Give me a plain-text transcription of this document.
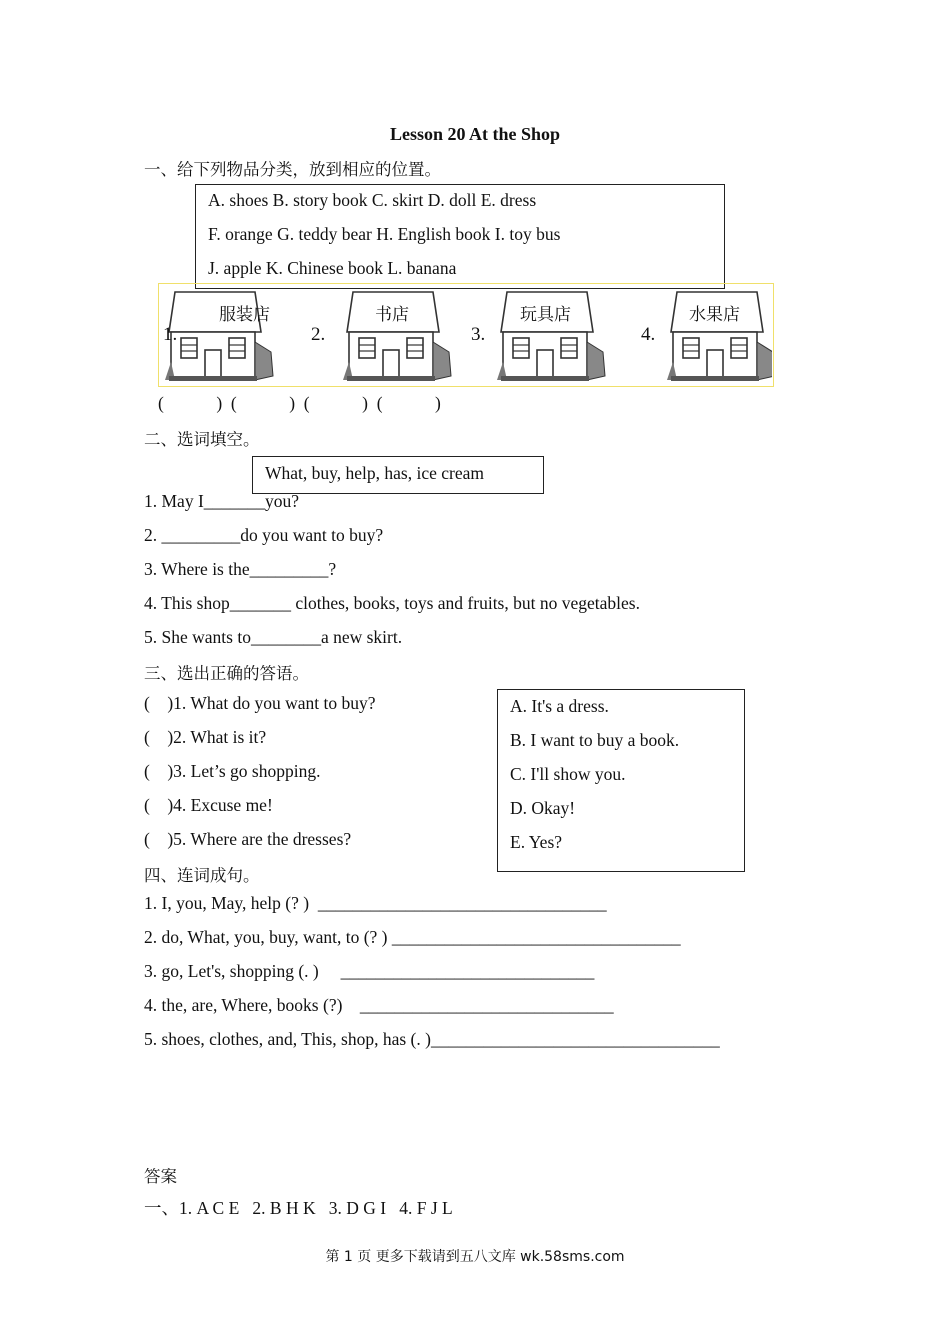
Lesson 20 At the Shop
一、给下列物品分类，放到相应的位置。
A. shoes B. story book C. skirt D. doll E. dress
F. orange G. teddy bear H. English book I. toy bus
J. apple K. Chinese book L. banana
1.
服装店
2.
书店
3.
玩具店
4.
水果店
(            )  (            )  (            )  (            )
二、选词填空。
What, buy, help, has, ice cream
1. May I_______you?
2. _________do you want to buy?
3. Where is the_________?
4. This shop_______ clothes, books, toys and fruits, but no vegetables.
5. She wants to________a new skirt.
三、选出正确的答语。
(    )1. What do you want to buy?
(    )2. What is it?
(    )3. Let’s go shopping.
(    )4. Excuse me!
(    )5. Where are the dresses?
A. It's a dress.
B. I want to buy a book.
C. I'll show you.
D. Okay!
E. Yes?
四、连词成句。
1. I, you, May, help (? )  _________________________________
2. do, What, you, buy, want, to (? ) _________________________________
3. go, Let's, shopping (. )     _____________________________
4. the, are, Where, books (?)    _____________________________
5. shoes, clothes, and, This, shop, has (. )_________________________________
答案
一、1. A C E   2. B H K   3. D G I   4. F J L
第 1 页 更多下载请到五八文库 wk.58sms.com
